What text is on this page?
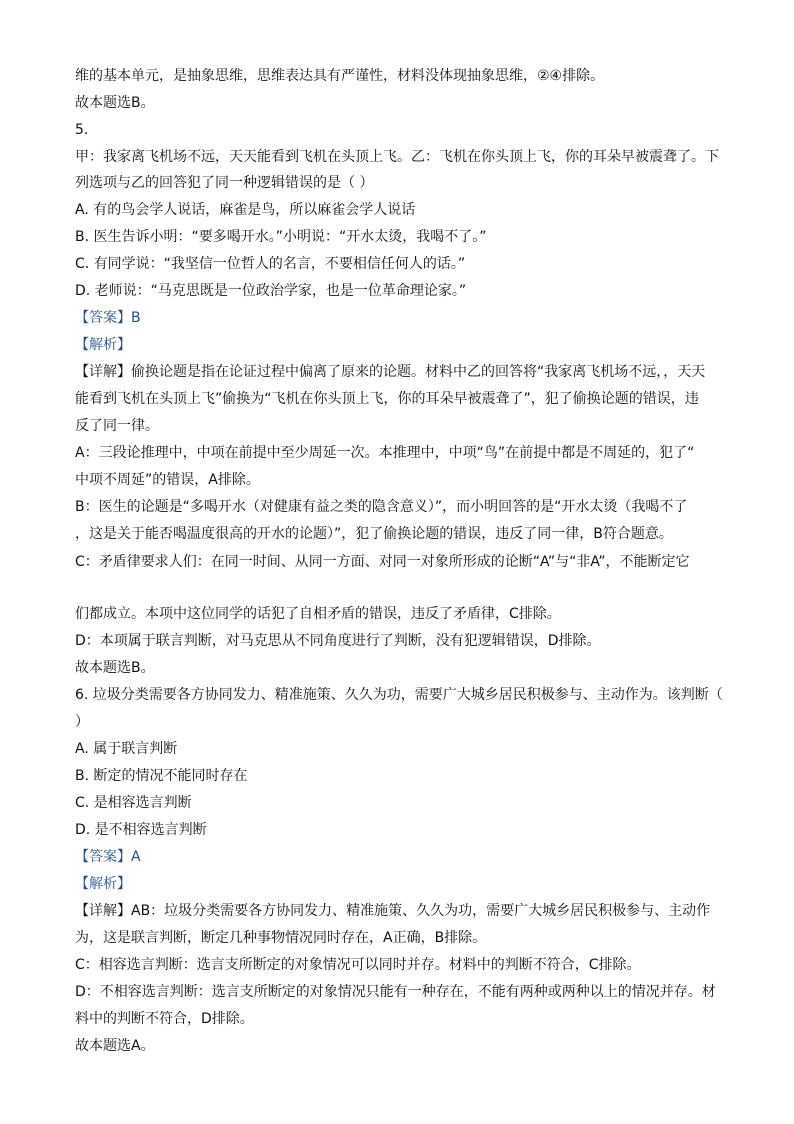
维的基本单元，是抽象思维，思维表达具有严谨性，材料没体现抽象思维，②④排除。
故本题选B。
5.
甲：我家离飞机场不远，天天能看到飞机在头顶上飞。乙：飞机在你头顶上飞，你的耳朵早被震聋了。下
列选项与乙的回答犯了同一种逻辑错误的是（ ）
A. 有的鸟会学人说话，麻雀是鸟，所以麻雀会学人说话
B. 医生告诉小明：“要多喝开水。”小明说：“开水太烫，我喝不了。”
C. 有同学说：“我坚信一位哲人的名言，不要相信任何人的话。”
D. 老师说：“马克思既是一位政治学家，也是一位革命理论家。”
【答案】B
【解析】
【详解】偷换论题是指在论证过程中偏离了原来的论题。材料中乙的回答将“我家离飞机场不远，，天天
能看到飞机在头顶上飞”偷换为“飞机在你头顶上飞，你的耳朵早被震聋了”，犯了偷换论题的错误，违
反了同一律。
A：三段论推理中，中项在前提中至少周延一次。本推理中，中项“鸟”在前提中都是不周延的，犯了“
中项不周延”的错误，A排除。
B：医生的论题是“多喝开水（对健康有益之类的隐含意义）”，而小明回答的是“开水太烫（我喝不了
，这是关于能否喝温度很高的开水的论题）”，犯了偷换论题的错误，违反了同一律，B符合题意。
C：矛盾律要求人们：在同一时间、从同一方面、对同一对象所形成的论断“A”与“非A”，不能断定它
们都成立。本项中这位同学的话犯了自相矛盾的错误，违反了矛盾律，C排除。
D：本项属于联言判断，对马克思从不同角度进行了判断，没有犯逻辑错误，D排除。
故本题选B。
6. 垃圾分类需要各方协同发力、精准施策、久久为功，需要广大城乡居民积极参与、主动作为。该判断（
）
A. 属于联言判断
B. 断定的情况不能同时存在
C. 是相容选言判断
D. 是不相容选言判断
【答案】A
【解析】
【详解】AB：垃圾分类需要各方协同发力、精准施策、久久为功，需要广大城乡居民积极参与、主动作
为，这是联言判断，断定几种事物情况同时存在，A正确，B排除。
C：相容选言判断：选言支所断定的对象情况可以同时并存。材料中的判断不符合，C排除。
D：不相容选言判断：选言支所断定的对象情况只能有一种存在，不能有两种或两种以上的情况并存。材
料中的判断不符合，D排除。
故本题选A。
